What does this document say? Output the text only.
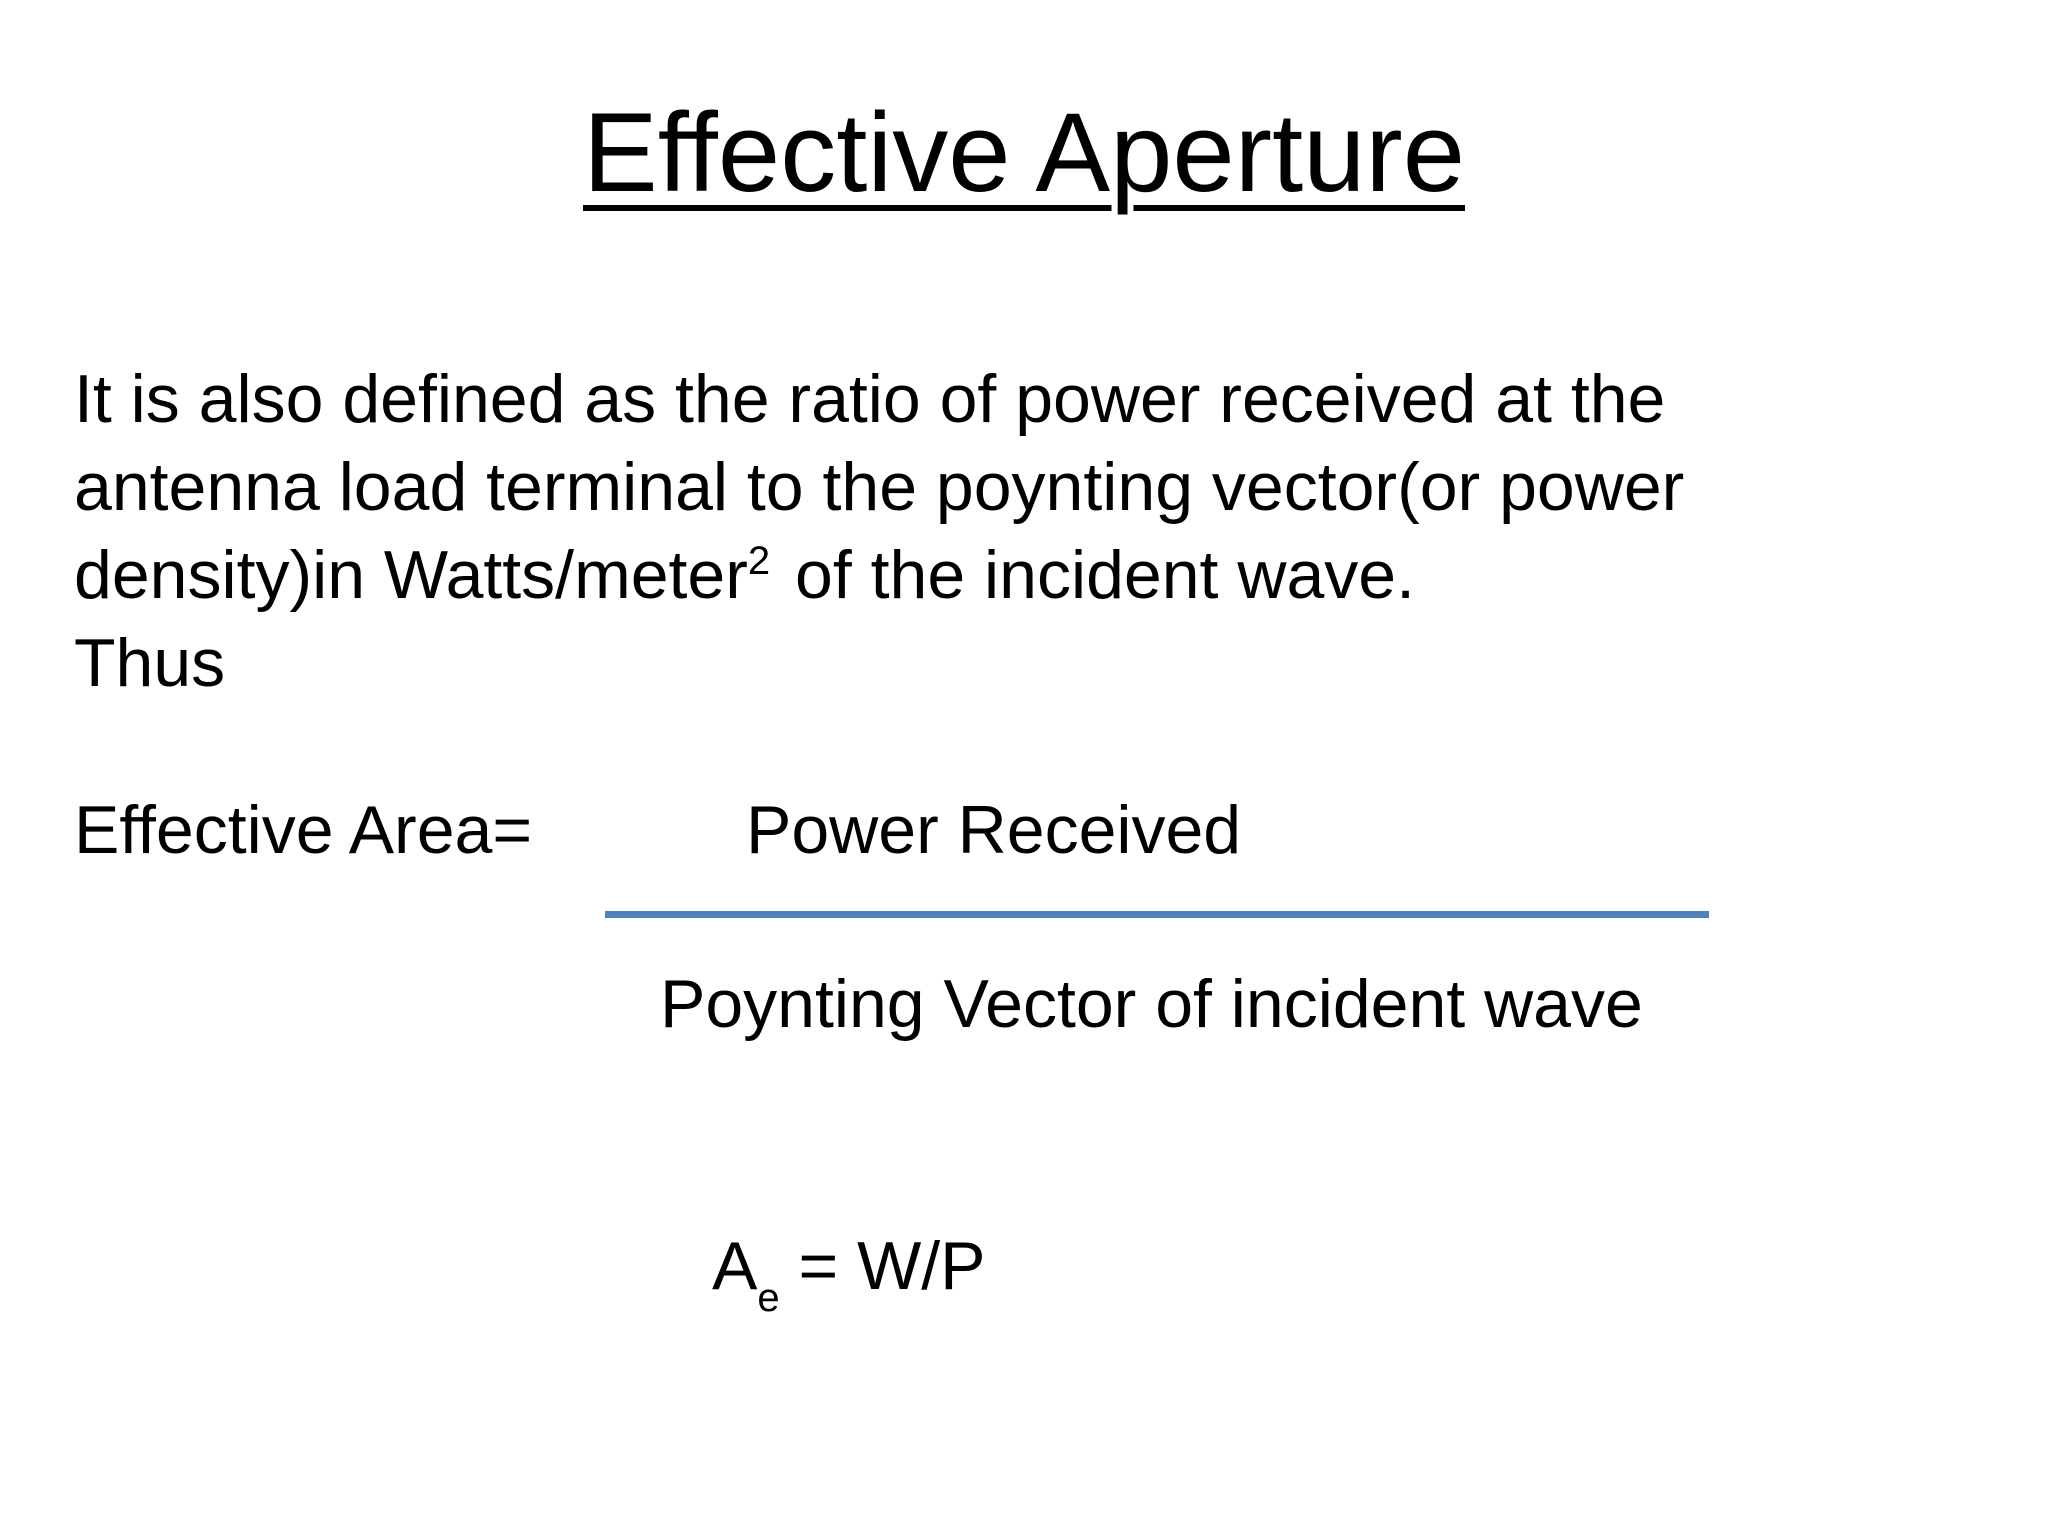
Effective Aperture
It is also defined as the ratio of power received at the
antenna load terminal to the poynting vector(or power
density)in Watts/meter$^2$ of the incident wave.
Thus
Effective Area=	Power Received
Poynting Vector of incident wave
$A_e = W/P$
